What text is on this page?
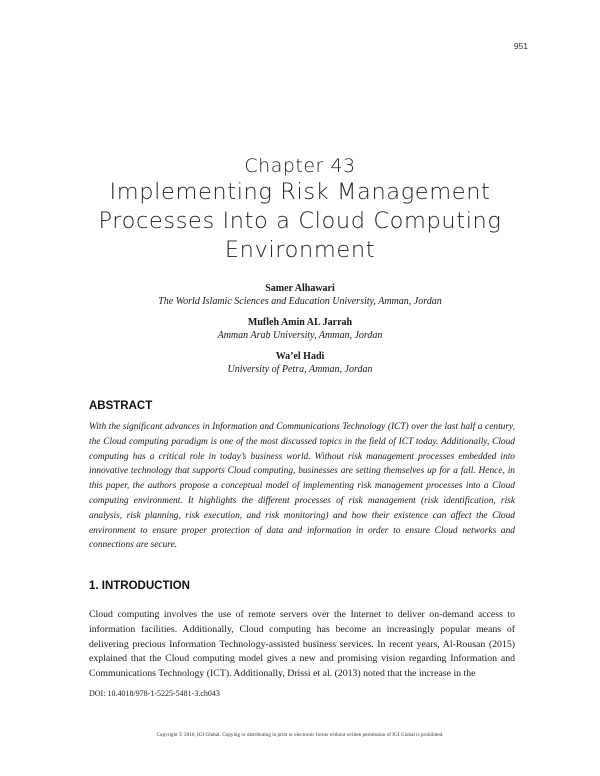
951
Chapter 43
Implementing Risk Management Processes Into a Cloud Computing Environment
Samer Alhawari
The World Islamic Sciences and Education University, Amman, Jordan
Mufleh Amin AL Jarrah
Amman Arab University, Amman, Jordan
Wa’el Hadi
University of Petra, Amman, Jordan
ABSTRACT

With the significant advances in Information and Communications Technology (ICT) over the last half a century, the Cloud computing paradigm is one of the most discussed topics in the field of ICT today. Additionally, Cloud computing has a critical role in today’s business world. Without risk management processes embedded into innovative technology that supports Cloud computing, businesses are setting themselves up for a fall. Hence, in this paper, the authors propose a conceptual model of implementing risk management processes into a Cloud computing environment. It highlights the different processes of risk management (risk identification, risk analysis, risk planning, risk execution, and risk monitoring) and how their existence can affect the Cloud environment to ensure proper protection of data and information in order to ensure Cloud networks and connections are secure.

1. INTRODUCTION

Cloud computing involves the use of remote servers over the Internet to deliver on-demand access to information facilities. Additionally, Cloud computing has become an increasingly popular means of delivering precious Information Technology-assisted business services. In recent years, Al-Rousan (2015) explained that the Cloud computing model gives a new and promising vision regarding Information and Communications Technology (ICT). Additionally, Drissi et al. (2013) noted that the increase in the

DOI: 10.4018/978-1-5225-5481-3.ch043
Copyright © 2018, IGI Global. Copying or distributing in print or electronic forms without written permission of IGI Global is prohibited.
